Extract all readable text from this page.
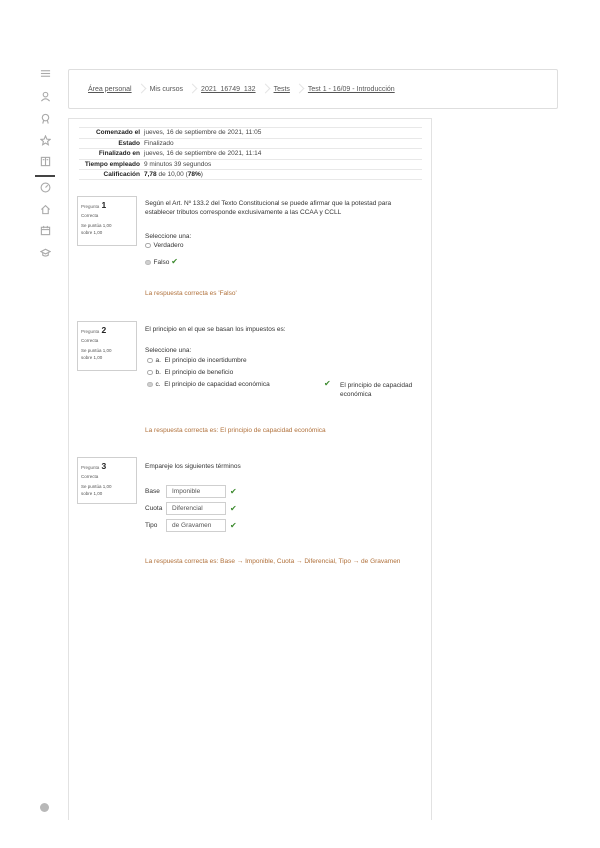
Área personal	Mis cursos	2021_16749_132	Tests	Test 1 - 16/09 - Introducción
Comenzado el jueves, 16 de septiembre de 2021, 11:05
Estado Finalizado
Finalizado en jueves, 16 de septiembre de 2021, 11:14
Tiempo empleado 9 minutos 39 segundos
Calificación 7,78 de 10,00 (78%)
Pregunta 1
Correcta
Se puntúa 1,00
sobre 1,00
Según el Art. Nº 133.2 del Texto Constitucional se puede afirmar que la potestad para establecer tributos corresponde exclusivamente a las CCAA y CCLL
Seleccione una:
Verdadero
Falso ✔
La respuesta correcta es 'Falso'
Pregunta 2
Correcta
Se puntúa 1,00
sobre 1,00
El principio en el que se basan los impuestos es:
Seleccione una:
a. El principio de incertidumbre
b. El principio de beneficio
c. El principio de capacidad económica	✔ El principio de capacidad económica
La respuesta correcta es: El principio de capacidad económica
Pregunta 3
Correcta
Se puntúa 1,00
sobre 1,00
Empareje los siguientes términos
Base	Imponible	✔
Cuota	Diferencial	✔
Tipo	de Gravamen	✔
La respuesta correcta es: Base → Imponible, Cuota → Diferencial, Tipo → de Gravamen
